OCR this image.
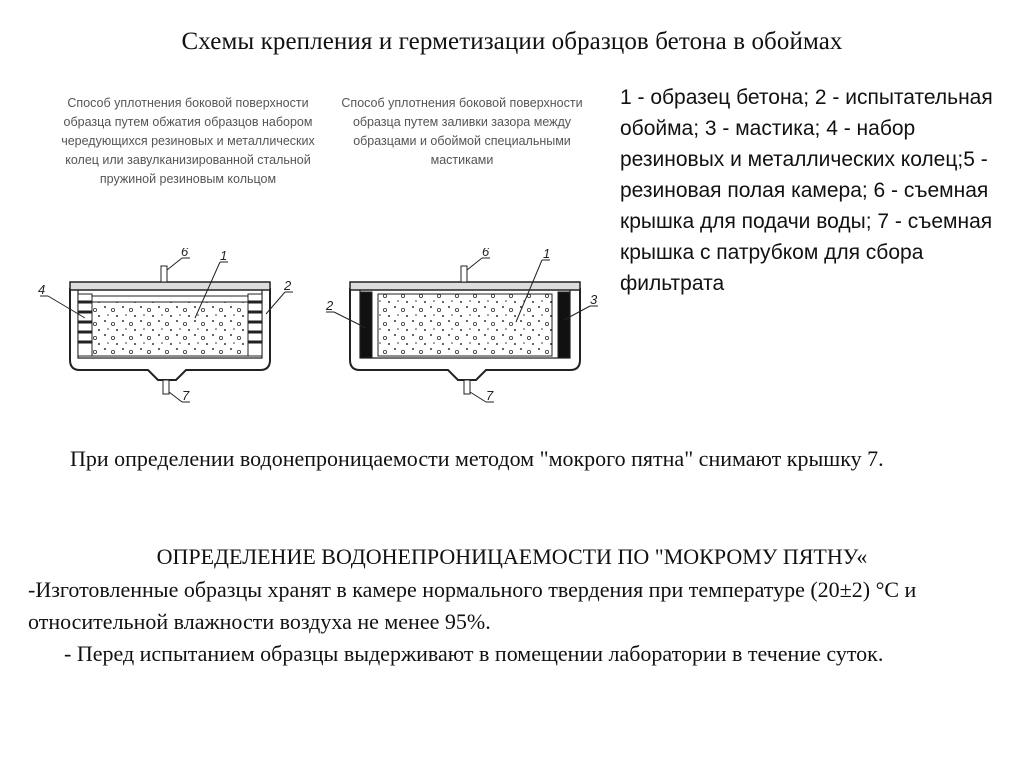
Схемы крепления и герметизации образцов бетона в обоймах
Способ уплотнения боковой поверхности образца путем обжатия образцов набором чередующихся резиновых и металлических колец или завулканизированной стальной пружиной резиновым кольцом
Способ уплотнения боковой поверхности образца путем заливки зазора между образцами и обоймой специальными мастиками
1 - образец бетона; 2 - испытательная обойма; 3 - мастика; 4 - набор резиновых и металлических колец;5 - резиновая полая камера; 6 - съемная крышка для подачи воды; 7 - съемная крышка с патрубком для сбора фильтрата
6 1
4	2
7
6	1
2	3
7
При определении водонепроницаемости методом "мокрого пятна" снимают крышку 7.
ОПРЕДЕЛЕНИЕ ВОДОНЕПРОНИЦАЕМОСТИ ПО "МОКРОМУ ПЯТНУ«

-Изготовленные образцы хранят в камере нормального твердения при температуре (20±2) °С и относительной влажности воздуха не менее 95%.

- Перед испытанием образцы выдерживают в помещении лаборатории в течение суток.
